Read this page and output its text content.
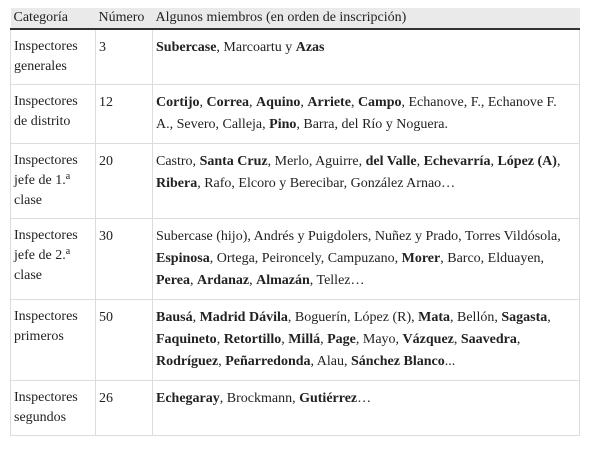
Categoría	Número	Algunos miembros (en orden de inscripción)
Inspectores generales	3	Subercase, Marcoartu y Azas
Inspectores de distrito	12	Cortijo, Correa, Aquino, Arriete, Campo, Echanove, F., Echanove F. A., Severo, Calleja, Pino, Barra, del Río y Noguera.
Inspectores jefe de 1.$^a$ clase	20	Castro, Santa Cruz, Merlo, Aguirre, del Valle, Echevarría, López (A), Ribera, Rafo, Elcoro y Berecibar, González Arnao…
Inspectores jefe de 2.$^a$ clase	30	Subercase (hijo), Andrés y Puigdolers, Nuñez y Prado, Torres Vildósola, Espinosa, Ortega, Peironcely, Campuzano, Morer, Barco, Elduayen, Perea, Ardanaz, Almazán, Tellez…
Inspectores primeros	50	Bausá, Madrid Dávila, Boguerín, López (R), Mata, Bellón, Sagasta, Faquineto, Retortillo, Millá, Page, Mayo, Vázquez, Saavedra, Rodríguez, Peñarredonda, Alau, Sánchez Blanco...
Inspectores segundos	26	Echegaray, Brockmann, Gutiérrez…
